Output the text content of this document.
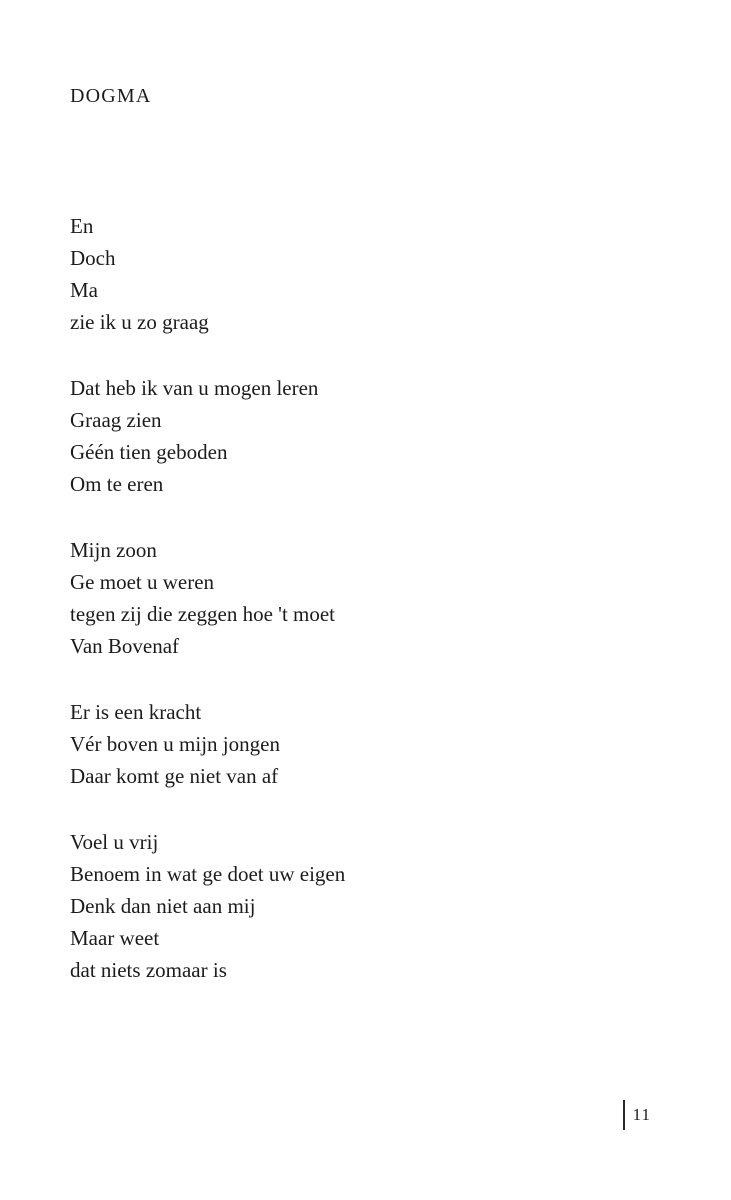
DOGMA
En
Doch
Ma
zie ik u zo graag
Dat heb ik van u mogen leren
Graag zien
Géén tien geboden
Om te eren
Mijn zoon
Ge moet u weren
tegen zij die zeggen hoe 't moet
Van Bovenaf
Er is een kracht
Vér boven u mijn jongen
Daar komt ge niet van af
Voel u vrij
Benoem in wat ge doet uw eigen
Denk dan niet aan mij
Maar weet
dat niets zomaar is
11
